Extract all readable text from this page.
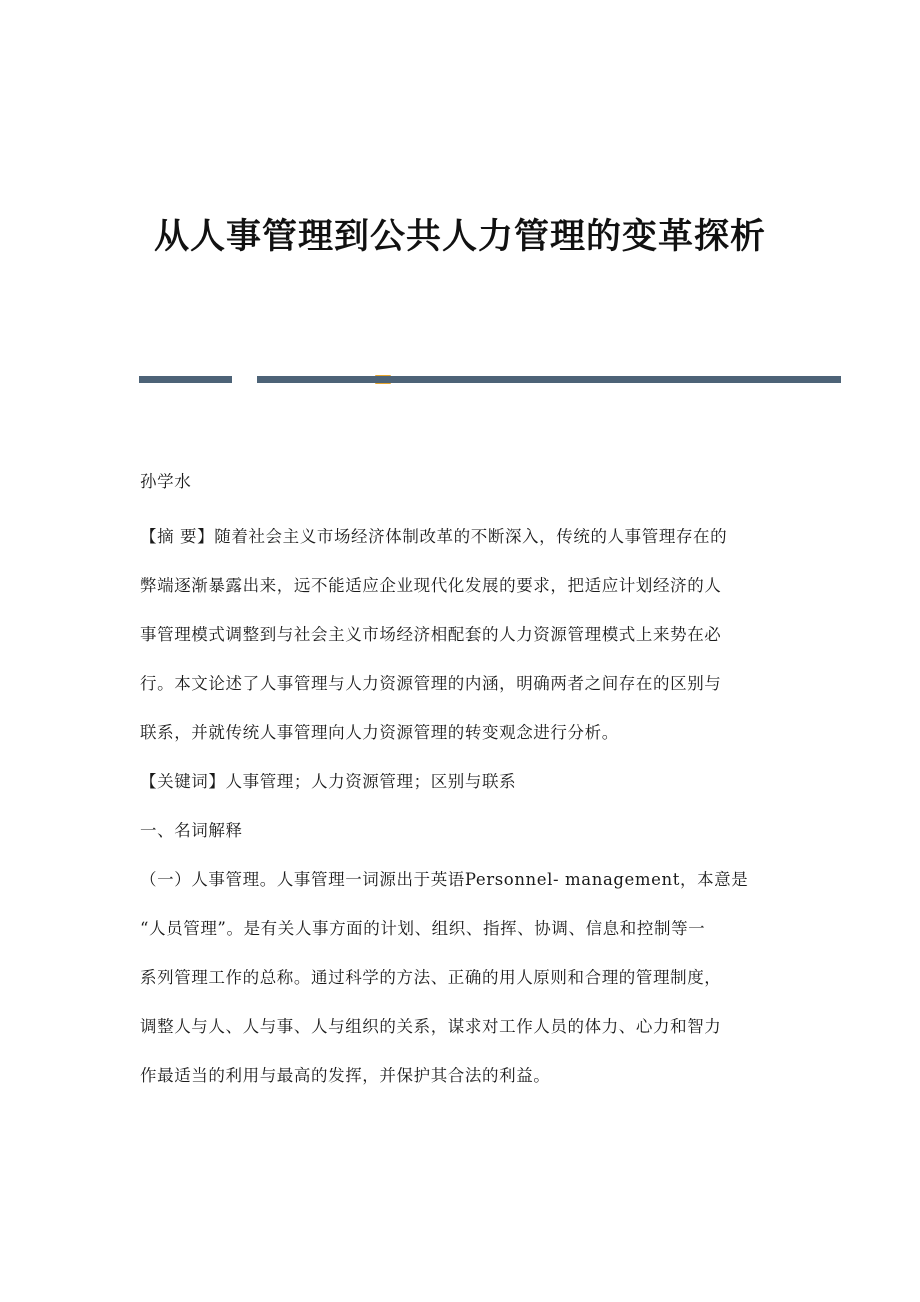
从人事管理到公共人力管理的变革探析
孙学水
【摘 要】随着社会主义市场经济体制改革的不断深入，传统的人事管理存在的
弊端逐渐暴露出来，远不能适应企业现代化发展的要求，把适应计划经济的人
事管理模式调整到与社会主义市场经济相配套的人力资源管理模式上来势在必
行。本文论述了人事管理与人力资源管理的内涵，明确两者之间存在的区别与
联系，并就传统人事管理向人力资源管理的转变观念进行分析。
【关键词】人事管理；人力资源管理；区别与联系
一、名词解释
（一）人事管理。人事管理一词源出于英语Personnel- management，本意是
“人员管理”。是有关人事方面的计划、组织、指挥、协调、信息和控制等一
系列管理工作的总称。通过科学的方法、正确的用人原则和合理的管理制度，
调整人与人、人与事、人与组织的关系，谋求对工作人员的体力、心力和智力
作最适当的利用与最高的发挥，并保护其合法的利益。
